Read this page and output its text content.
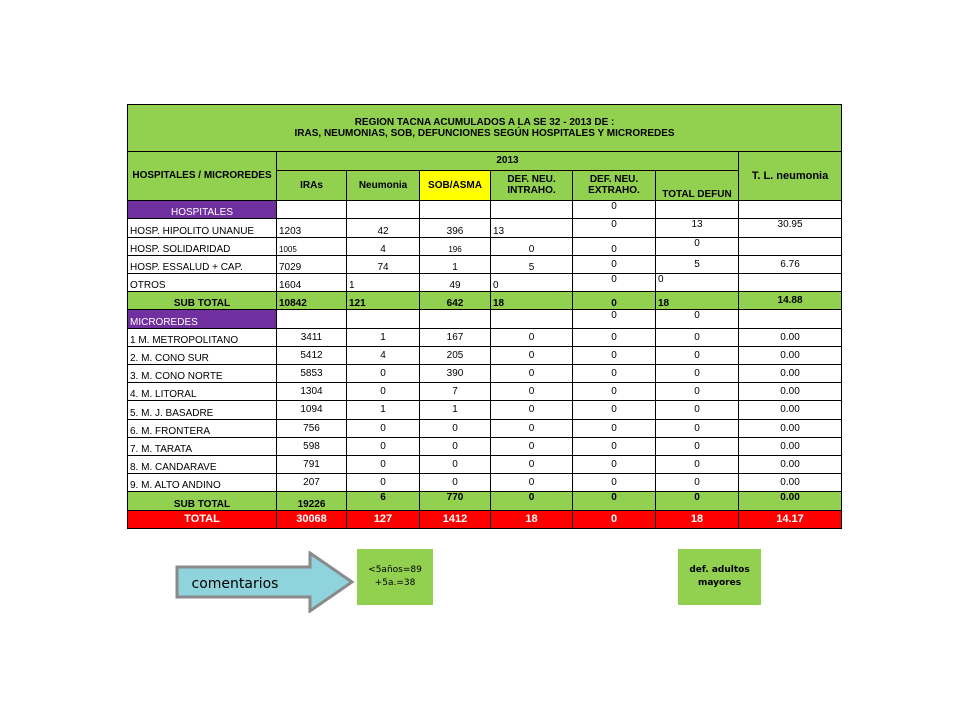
REGION TACNA ACUMULADOS A LA SE 32 - 2013 DE :
IRAS, NEUMONIAS, SOB, DEFUNCIONES SEGÚN HOSPITALES Y MICROREDES							

HOSPITALES / MICROREDES	2013						T. L. neumonia
	IRAs	Neumonia	SOB/ASMA	DEF. NEU. INTRAHO.	DEF. NEU. EXTRAHO.	TOTAL DEFUN	
HOSPITALES					0		
HOSP. HIPOLITO UNANUE	1203	42	396	13	0	13	30.95
HOSP. SOLIDARIDAD	1005	4	196	0	0	0	
HOSP. ESSALUD + CAP.	7029	74	1	5	0	5	6.76
OTROS	1604	1	49	0	0	0	
SUB TOTAL	10842	121	642	18	0	18	14.88
MICROREDES					0	0	
1 M. METROPOLITANO	3411	1	167	0	0	0	0.00
2. M. CONO SUR	5412	4	205	0	0	0	0.00
3. M. CONO NORTE	5853	0	390	0	0	0	0.00
4. M. LITORAL	1304	0	7	0	0	0	0.00
5. M. J. BASADRE	1094	1	1	0	0	0	0.00
6. M. FRONTERA	756	0	0	0	0	0	0.00
7. M. TARATA	598	0	0	0	0	0	0.00
8. M. CANDARAVE	791	0	0	0	0	0	0.00
9. M. ALTO ANDINO	207	0	0	0	0	0	0.00
SUB TOTAL	19226	6	770	0	0	0	0.00
TOTAL	30068	127	1412	18	0	18	14.17
comentarios
<5años=89
+5a.=38
def. adultos
mayores
